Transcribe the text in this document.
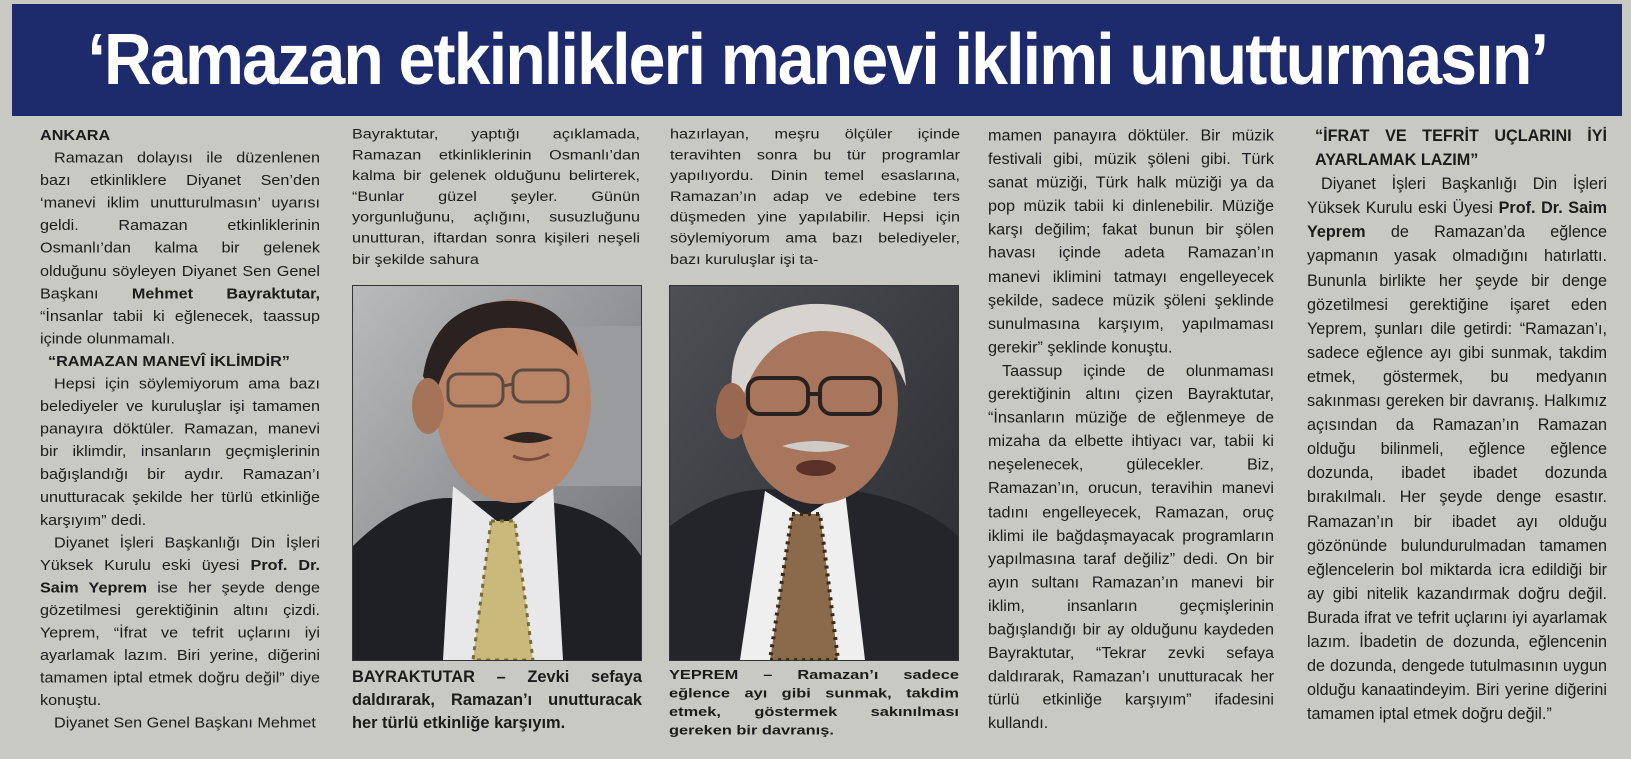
‘Ramazan etkinlikleri manevi iklimi unutturmasın’

ANKARA

Ramazan dolayısı ile düzenlenen bazı etkinliklere Diyanet Sen’den ‘manevi iklim unutturulmasın’ uyarısı geldi. Ramazan etkinliklerinin Osmanlı’dan kalma bir gelenek olduğunu söyleyen Diyanet Sen Genel Başkanı Mehmet Bayraktutar, “İnsanlar tabii ki eğlenecek, taassup içinde olunmamalı.

“RAMAZAN MANEVÎ İKLİMDİR”

Hepsi için söylemiyorum ama bazı belediyeler ve kuruluşlar işi tamamen panayıra döktüler. Ramazan, manevi bir iklimdir, insanların geçmişlerinin bağışlandığı bir aydır. Ramazan’ı unutturacak şekilde her türlü etkinliğe karşıyım” dedi.

Diyanet İşleri Başkanlığı Din İşleri Yüksek Kurulu eski üyesi Prof. Dr. Saim Yeprem ise her şeyde denge gözetilmesi gerektiğinin altını çizdi. Yeprem, “İfrat ve tefrit uçlarını iyi ayarlamak lazım. Biri yerine, diğerini tamamen iptal etmek doğru değil” diye konuştu.

Diyanet Sen Genel Başkanı Mehmet

Bayraktutar, yaptığı açıklamada, Ramazan etkinliklerinin Osmanlı’dan kalma bir gelenek olduğunu belirterek, “Bunlar güzel şeyler. Günün yorgunluğunu, açlığını, susuzluğunu unutturan, iftardan sonra kişileri neşeli bir şekilde sahura

hazırlayan, meşru ölçüler içinde teravihten sonra bu tür programlar yapılıyordu. Dinin temel esaslarına, Ramazan’ın adap ve edebine ters düşmeden yine yapılabilir. Hepsi için söylemiyorum ama bazı belediyeler, bazı kuruluşlar işi ta-

mamen panayıra döktüler. Bir müzik festivali gibi, müzik şöleni gibi. Türk sanat müziği, Türk halk müziği ya da pop müzik tabii ki dinlenebilir. Müziğe karşı değilim; fakat bunun bir şölen havası içinde adeta Ramazan’ın manevi iklimini tatmayı engelleyecek şekilde, sadece müzik şöleni şeklinde sunulmasına karşıyım, yapılmaması gerekir” şeklinde konuştu.

Taassup içinde de olunmaması gerektiğinin altını çizen Bayraktutar, “İnsanların müziğe de eğlenmeye de mizaha da elbette ihtiyacı var, tabii ki neşelenecek, gülecekler. Biz, Ramazan’ın, orucun, teravihin manevi tadını engelleyecek, Ramazan, oruç iklimi ile bağdaşmayacak programların yapılmasına taraf değiliz” dedi. On bir ayın sultanı Ramazan’ın manevi bir iklim, insanların geçmişlerinin bağışlandığı bir ay olduğunu kaydeden Bayraktutar, “Tekrar zevki sefaya daldırarak, Ramazan’ı unutturacak her türlü etkinliğe karşıyım” ifadesini kullandı.

“İFRAT VE TEFRİT UÇLARINI İYİ AYARLAMAK LAZIM”

Diyanet İşleri Başkanlığı Din İşleri Yüksek Kurulu eski Üyesi Prof. Dr. Saim Yeprem de Ramazan’da eğlence yapmanın yasak olmadığını hatırlattı. Bununla birlikte her şeyde bir denge gözetilmesi gerektiğine işaret eden Yeprem, şunları dile getirdi: “Ramazan’ı, sadece eğlence ayı gibi sunmak, takdim etmek, göstermek, bu medyanın sakınması gereken bir davranış. Halkımız açısından da Ramazan’ın Ramazan olduğu bilinmeli, eğlence eğlence dozunda, ibadet ibadet dozunda bırakılmalı. Her şeyde denge esastır. Ramazan’ın bir ibadet ayı olduğu gözönünde bulundurulmadan tamamen eğlencelerin bol miktarda icra edildiği bir ay gibi nitelik kazandırmak doğru değil. Burada ifrat ve tefrit uçlarını iyi ayarlamak lazım. İbadetin de dozunda, eğlencenin de dozunda, dengede tutulmasının uygun olduğu kanaatindeyim. Biri yerine diğerini tamamen iptal etmek doğru değil.”

BAYRAKTUTAR – Zevki sefaya daldırarak, Ramazan’ı unutturacak her türlü etkinliğe karşıyım.
YEPREM – Ramazan’ı sadece eğlence ayı gibi sunmak, takdim etmek, göstermek sakınılması gereken bir davranış.
